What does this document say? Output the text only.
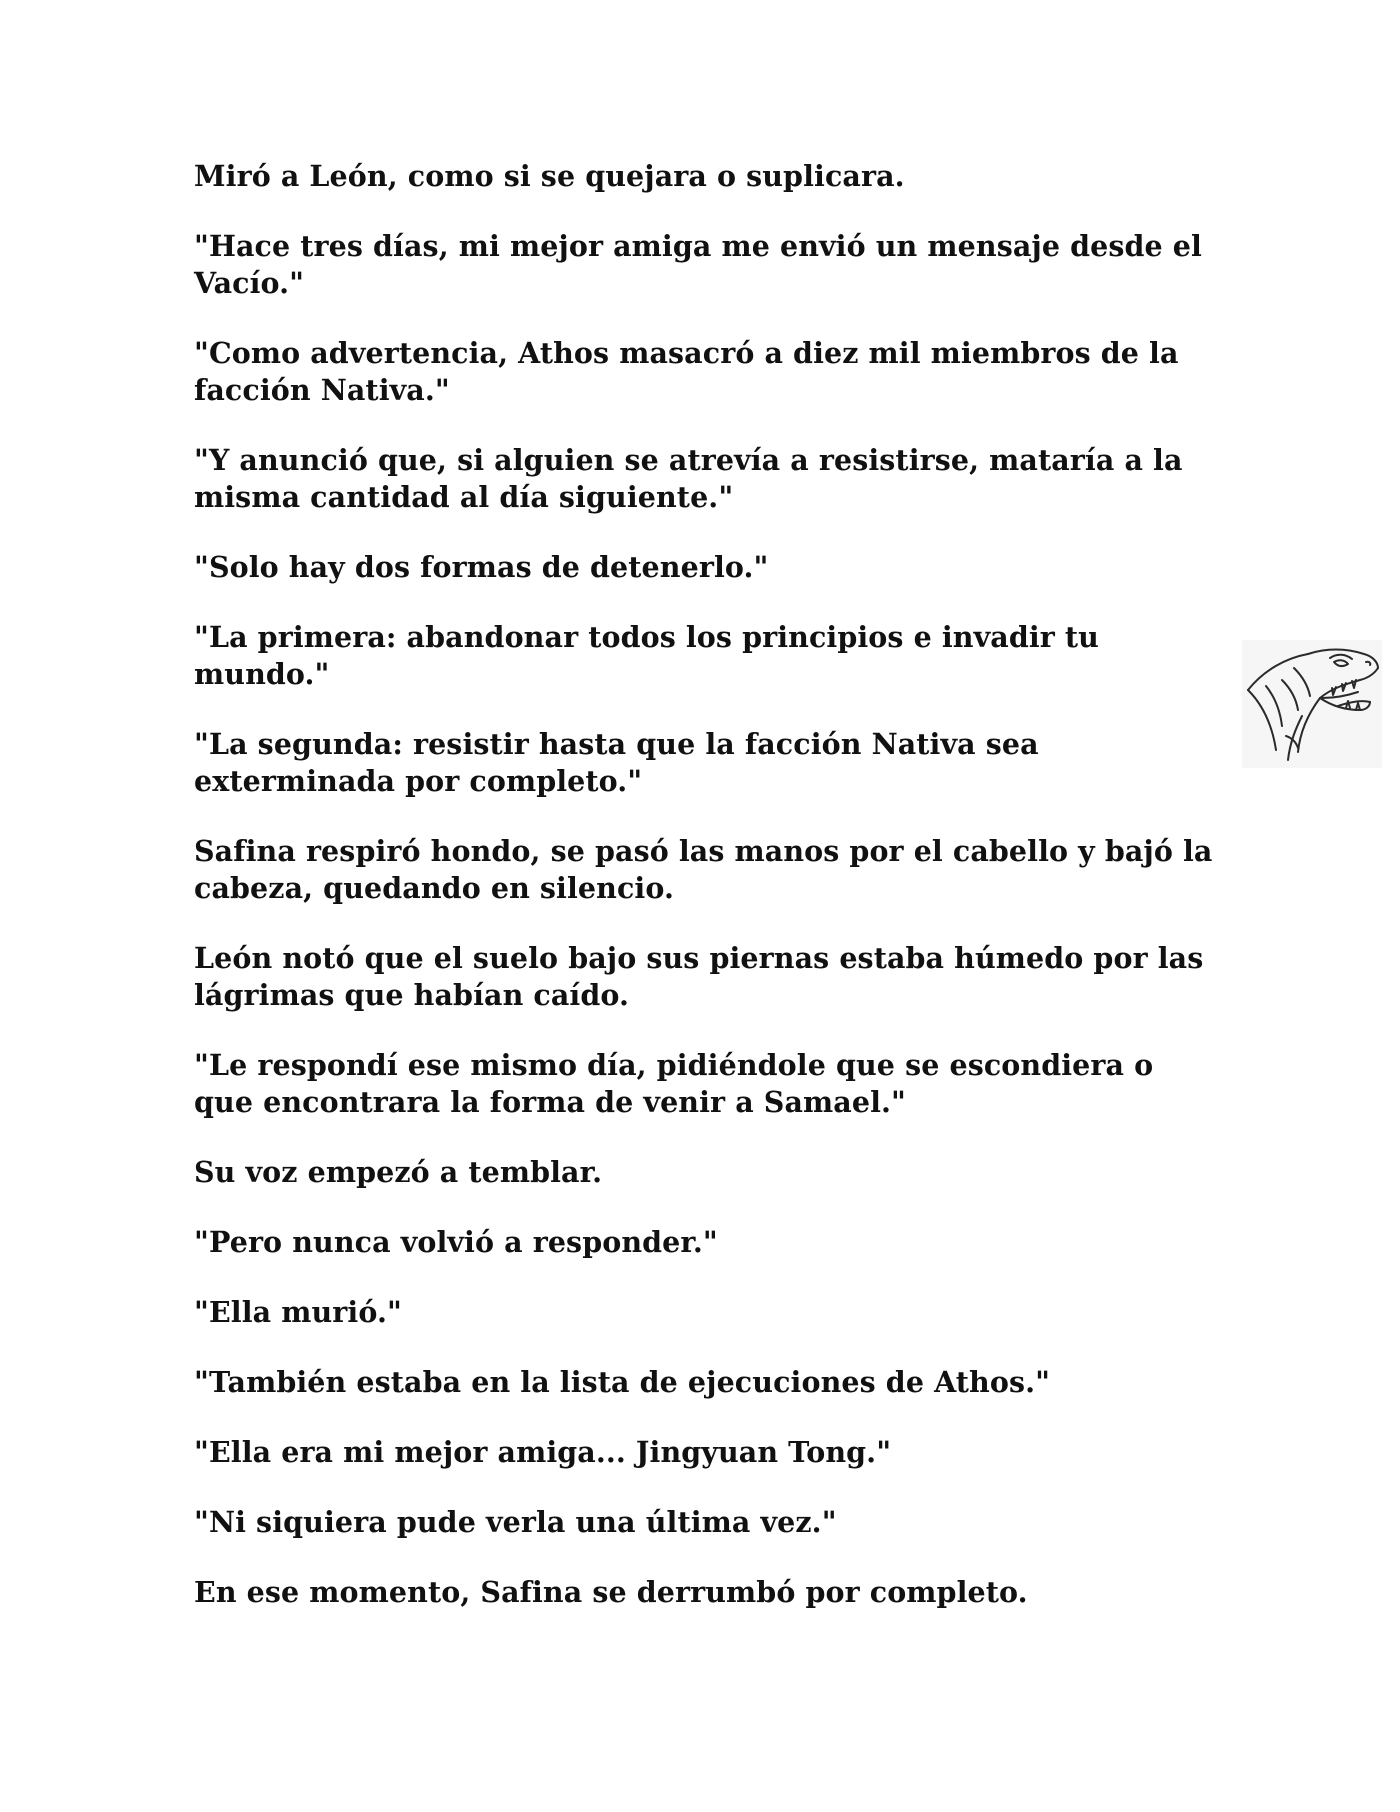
Miró a León, como si se quejara o suplicara.

"Hace tres días, mi mejor amiga me envió un mensaje desde el Vacío."

"Como advertencia, Athos masacró a diez mil miembros de la facción Nativa."

"Y anunció que, si alguien se atrevía a resistirse, mataría a la misma cantidad al día siguiente."

"Solo hay dos formas de detenerlo."

"La primera: abandonar todos los principios e invadir tu mundo."

"La segunda: resistir hasta que la facción Nativa sea exterminada por completo."

Safina respiró hondo, se pasó las manos por el cabello y bajó la cabeza, quedando en silencio.

León notó que el suelo bajo sus piernas estaba húmedo por las lágrimas que habían caído.

"Le respondí ese mismo día, pidiéndole que se escondiera o que encontrara la forma de venir a Samael."

Su voz empezó a temblar.

"Pero nunca volvió a responder."

"Ella murió."

"También estaba en la lista de ejecuciones de Athos."

"Ella era mi mejor amiga... Jingyuan Tong."

"Ni siquiera pude verla una última vez."

En ese momento, Safina se derrumbó por completo.
